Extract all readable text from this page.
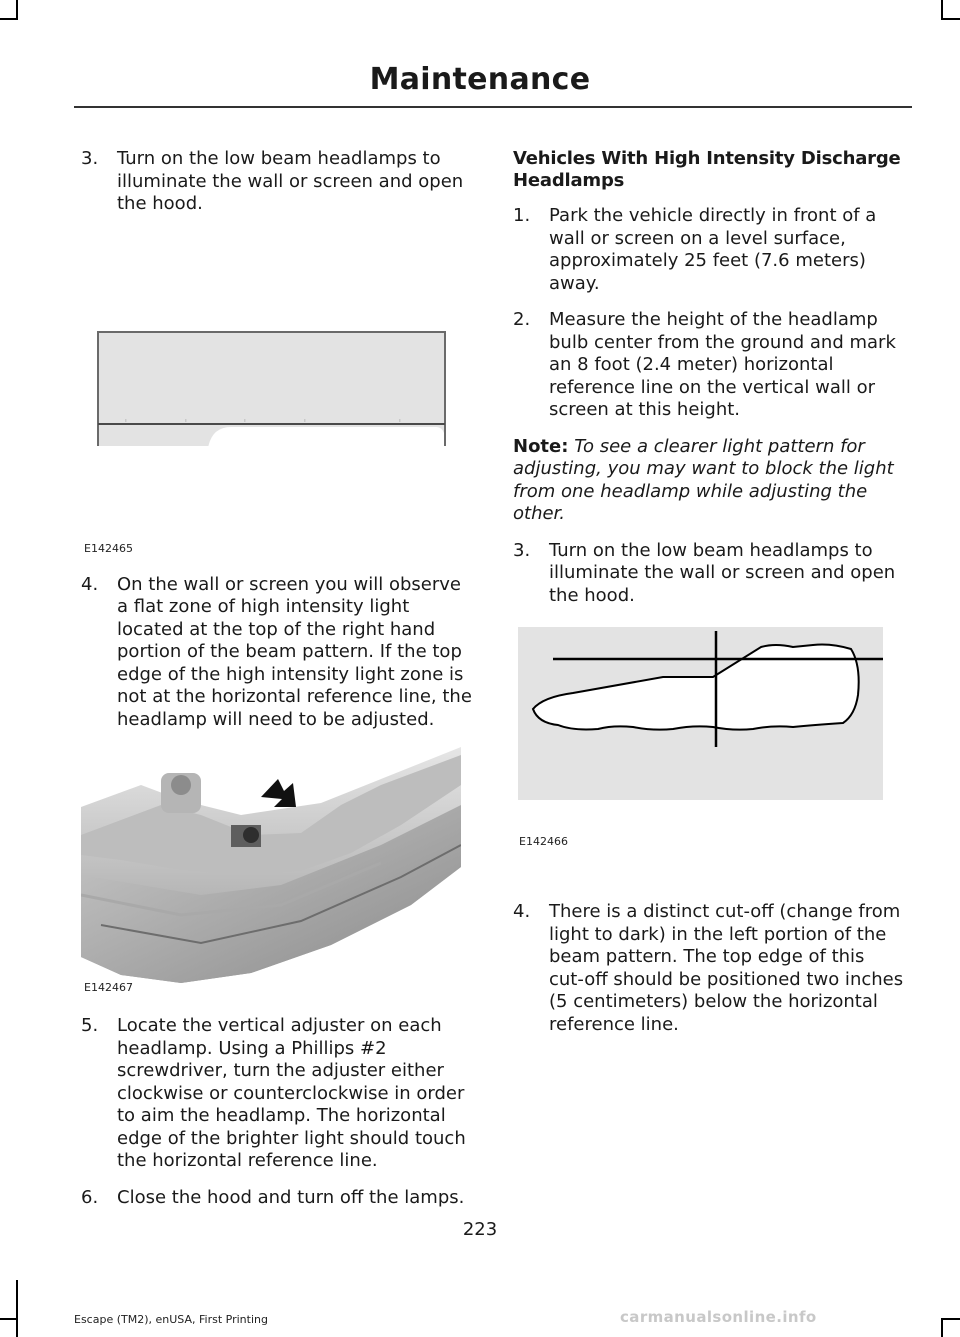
Maintenance
3. Turn on the low beam headlamps to illuminate the wall or screen and open the hood.
E142465
4. On the wall or screen you will observe a flat zone of high intensity light located at the top of the right hand portion of the beam pattern. If the top edge of the high intensity light zone is not at the horizontal reference line, the headlamp will need to be adjusted.
E142467
5. Locate the vertical adjuster on each headlamp. Using a Phillips #2 screwdriver, turn the adjuster either clockwise or counterclockwise in order to aim the headlamp. The horizontal edge of the brighter light should touch the horizontal reference line.
6. Close the hood and turn off the lamps.
Vehicles With High Intensity Discharge Headlamps
1. Park the vehicle directly in front of a wall or screen on a level surface, approximately 25 feet (7.6 meters) away.
2. Measure the height of the headlamp bulb center from the ground and mark an 8 foot (2.4 meter) horizontal reference line on the vertical wall or screen at this height.
Note: To see a clearer light pattern for adjusting, you may want to block the light from one headlamp while adjusting the other.
3. Turn on the low beam headlamps to illuminate the wall or screen and open the hood.
E142466
4. There is a distinct cut-off (change from light to dark) in the left portion of the beam pattern. The top edge of this cut-off should be positioned two inches (5 centimeters) below the horizontal reference line.
223
Escape (TM2), enUSA, First Printing	carmanualsonline.info
